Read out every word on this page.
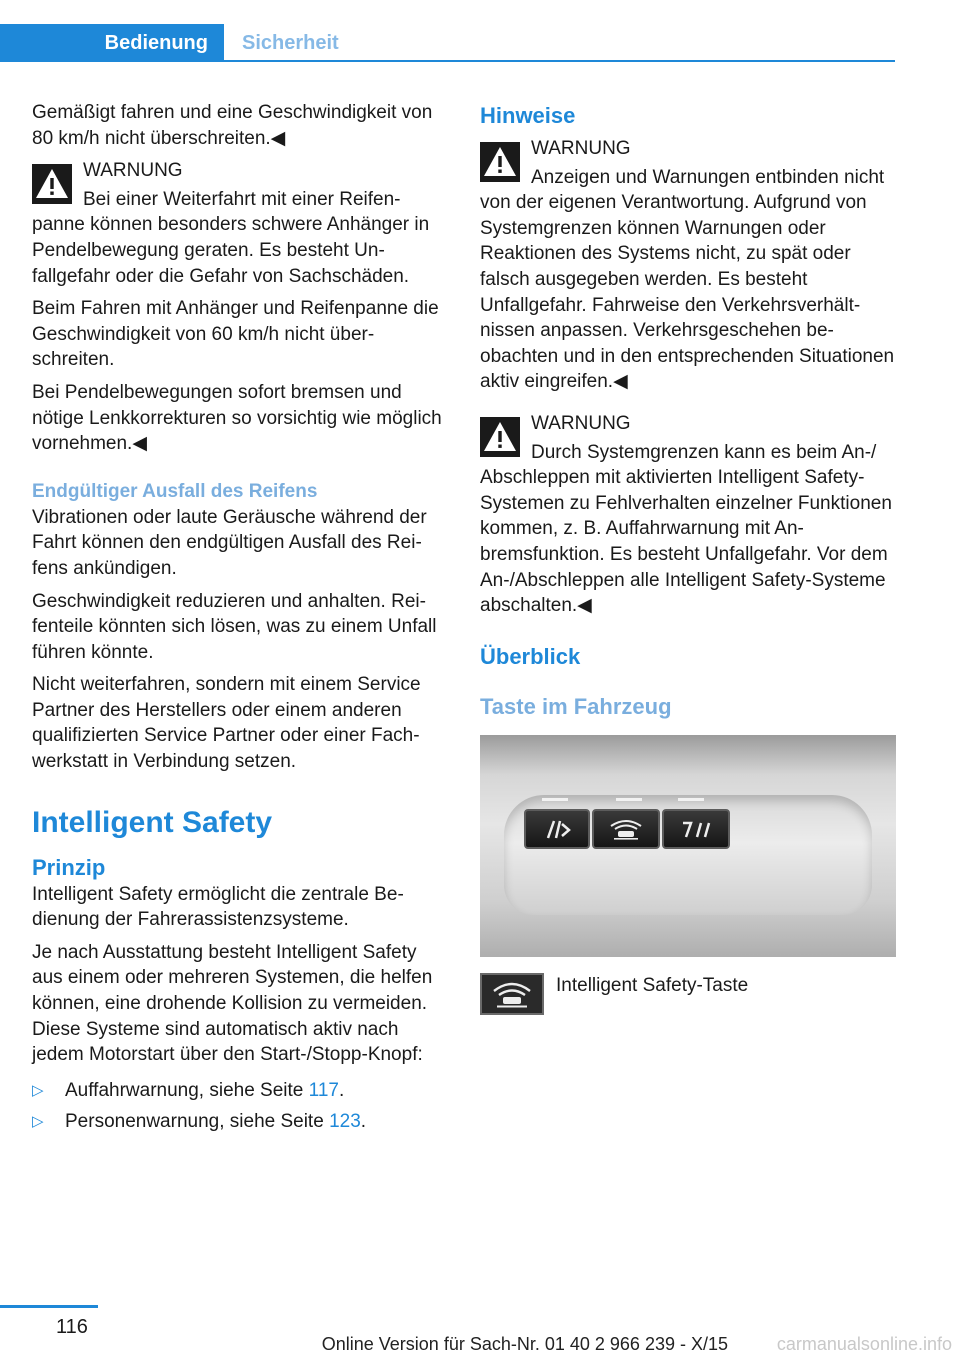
Bedienung	Sicherheit

Gemäßigt fahren und eine Geschwindigkeit von 80 km/h nicht überschreiten.◀

WARNUNG

Bei einer Weiterfahrt mit einer Reifenpanne können besonders schwere Anhänger in Pendelbewegung geraten. Es besteht Unfallgefahr oder die Gefahr von Sachschäden.

Beim Fahren mit Anhänger und Reifenpanne die Geschwindigkeit von 60 km/h nicht überschreiten.

Bei Pendelbewegungen sofort bremsen und nötige Lenkkorrekturen so vorsichtig wie möglich vornehmen.◀

Endgültiger Ausfall des Reifens

Vibrationen oder laute Geräusche während der Fahrt können den endgültigen Ausfall des Reifens ankündigen.

Geschwindigkeit reduzieren und anhalten. Reifenteile könnten sich lösen, was zu einem Unfall führen könnte.

Nicht weiterfahren, sondern mit einem Service Partner des Herstellers oder einem anderen qualifizierten Service Partner oder einer Fachwerkstatt in Verbindung setzen.

Intelligent Safety
Prinzip

Intelligent Safety ermöglicht die zentrale Bedienung der Fahrerassistenzsysteme.

Je nach Ausstattung besteht Intelligent Safety aus einem oder mehreren Systemen, die helfen können, eine drohende Kollision zu vermeiden. Diese Systeme sind automatisch aktiv nach jedem Motorstart über den Start-/Stopp-Knopf:

▷ Auffahrwarnung, siehe Seite 117.
▷ Personenwarnung, siehe Seite 123.
Hinweise

WARNUNG

Anzeigen und Warnungen entbinden nicht von der eigenen Verantwortung. Aufgrund von Systemgrenzen können Warnungen oder Reaktionen des Systems nicht, zu spät oder falsch ausgegeben werden. Es besteht Unfallgefahr. Fahrweise den Verkehrsverhältnissen anpassen. Verkehrsgeschehen beobachten und in den entsprechenden Situationen aktiv eingreifen.◀

WARNUNG

Durch Systemgrenzen kann es beim An-/ Abschleppen mit aktivierten Intelligent Safety-Systemen zu Fehlverhalten einzelner Funktionen kommen, z. B. Auffahrwarnung mit Anbremsfunktion. Es besteht Unfallgefahr. Vor dem An-/Abschleppen alle Intelligent Safety-Systeme abschalten.◀

Überblick
Taste im Fahrzeug
Intelligent Safety-Taste
116
Online Version für Sach-Nr. 01 40 2 966 239 - X/15	carmanualsonline.info
